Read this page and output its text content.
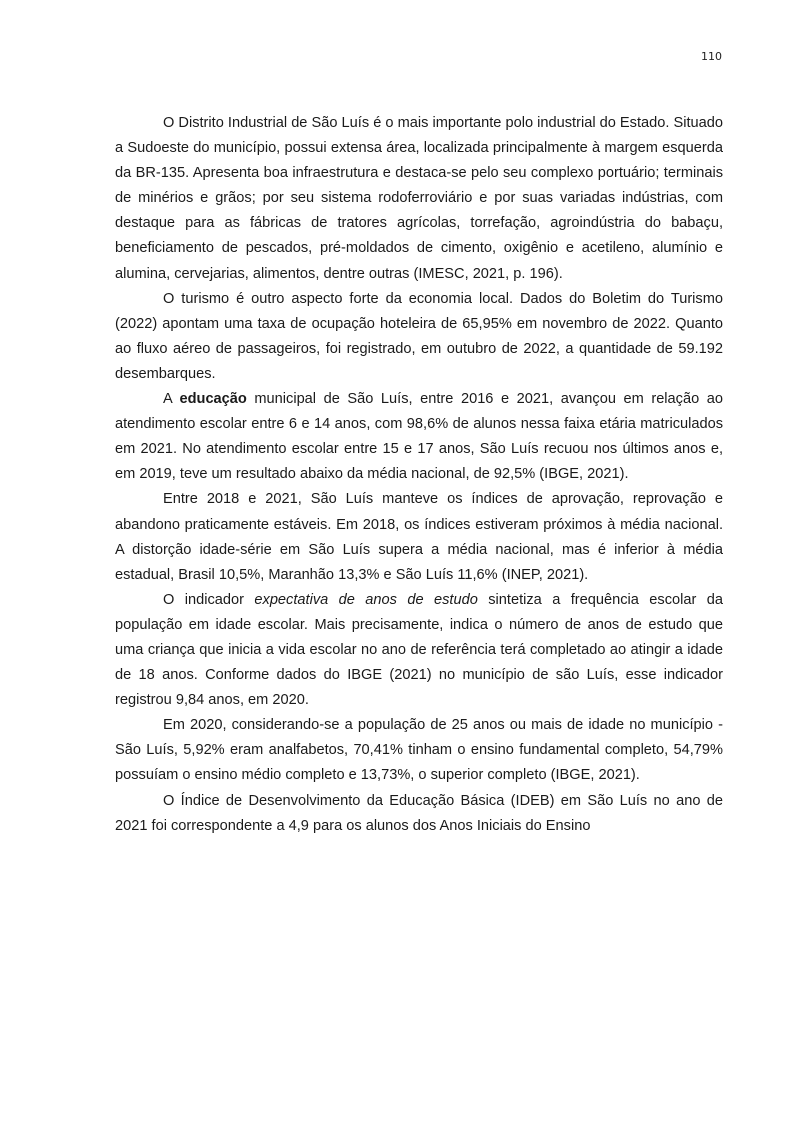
110

O Distrito Industrial de São Luís é o mais importante polo industrial do Estado. Situado a Sudoeste do município, possui extensa área, localizada principalmente à margem esquerda da BR-135. Apresenta boa infraestrutura e destaca-se pelo seu complexo portuário; terminais de minérios e grãos; por seu sistema rodoferroviário e por suas variadas indústrias, com destaque para as fábricas de tratores agrícolas, torrefação, agroindústria do babaçu, beneficiamento de pescados, pré-moldados de cimento, oxigênio e acetileno, alumínio e alumina, cervejarias, alimentos, dentre outras (IMESC, 2021, p. 196).

O turismo é outro aspecto forte da economia local. Dados do Boletim do Turismo (2022) apontam uma taxa de ocupação hoteleira de 65,95% em novembro de 2022. Quanto ao fluxo aéreo de passageiros, foi registrado, em outubro de 2022, a quantidade de 59.192 desembarques.

A educação municipal de São Luís, entre 2016 e 2021, avançou em relação ao atendimento escolar entre 6 e 14 anos, com 98,6% de alunos nessa faixa etária matriculados em 2021. No atendimento escolar entre 15 e 17 anos, São Luís recuou nos últimos anos e, em 2019, teve um resultado abaixo da média nacional, de 92,5% (IBGE, 2021).

Entre 2018 e 2021, São Luís manteve os índices de aprovação, reprovação e abandono praticamente estáveis. Em 2018, os índices estiveram próximos à média nacional. A distorção idade-série em São Luís supera a média nacional, mas é inferior à média estadual, Brasil 10,5%, Maranhão 13,3% e São Luís 11,6% (INEP, 2021).

O indicador expectativa de anos de estudo sintetiza a frequência escolar da população em idade escolar. Mais precisamente, indica o número de anos de estudo que uma criança que inicia a vida escolar no ano de referência terá completado ao atingir a idade de 18 anos. Conforme dados do IBGE (2021) no município de são Luís, esse indicador registrou 9,84 anos, em 2020.

Em 2020, considerando-se a população de 25 anos ou mais de idade no município - São Luís, 5,92% eram analfabetos, 70,41% tinham o ensino fundamental completo, 54,79% possuíam o ensino médio completo e 13,73%, o superior completo (IBGE, 2021).

O Índice de Desenvolvimento da Educação Básica (IDEB) em São Luís no ano de 2021 foi correspondente a 4,9 para os alunos dos Anos Iniciais do Ensino
